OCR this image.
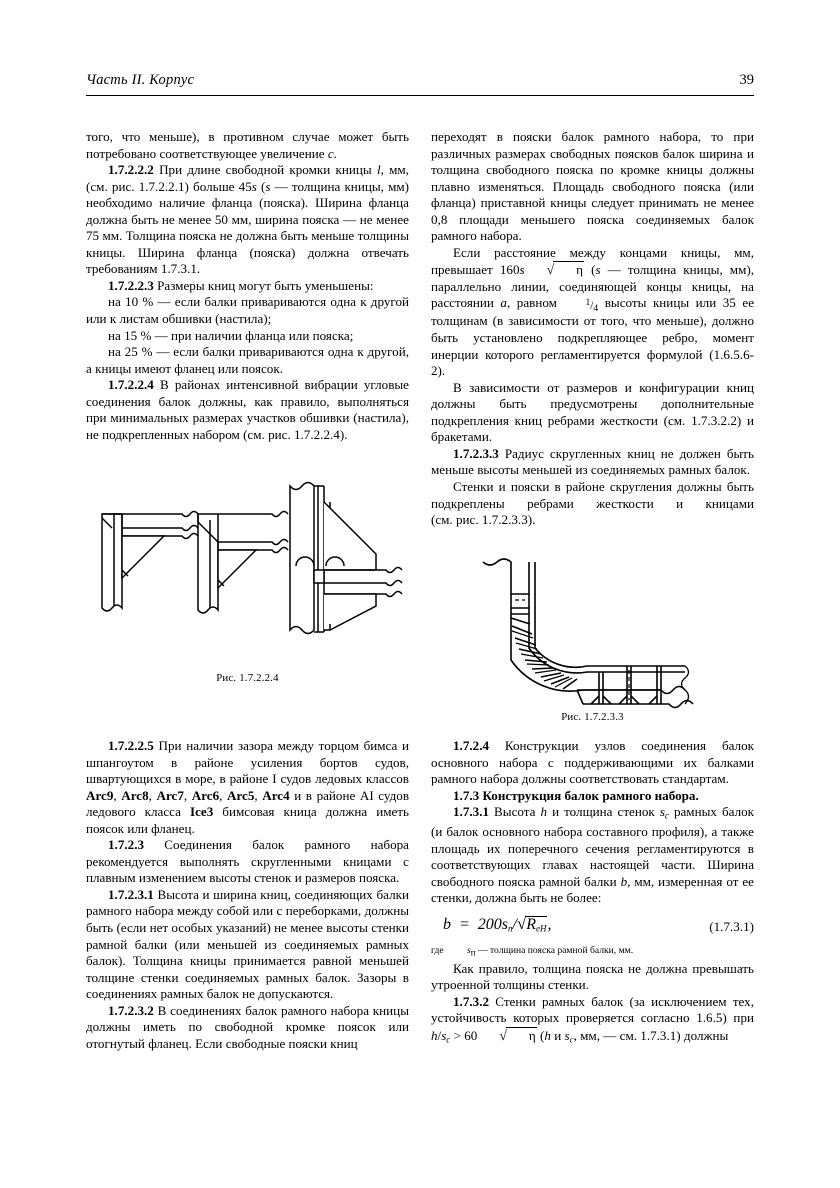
Часть II. Корпус	39

того, что меньше), в противном случае может быть потребовано соответствующее увеличение c.

1.7.2.2.2 При длине свободной кромки кницы l, мм, (см. рис. 1.7.2.2.1) больше 45s (s — толщина кницы, мм) необходимо наличие фланца (пояска). Ширина фланца должна быть не менее 50 мм, ширина пояска — не менее 75 мм. Толщина пояска не должна быть меньше толщины кницы. Ширина фланца (пояска) должна отвечать требованиям 1.7.3.1.

1.7.2.2.3 Размеры книц могут быть уменьшены:

на 10 % — если балки привариваются одна к другой или к листам обшивки (настила);

на 15 % — при наличии фланца или пояска;

на 25 % — если балки привариваются одна к другой, а кницы имеют фланец или поясок.

1.7.2.2.4 В районах интенсивной вибрации угловые соединения балок должны, как правило, выполняться при минимальных размерах участков обшивки (настила), не подкрепленных набором (см. рис. 1.7.2.2.4).

переходят в пояски балок рамного набора, то при различных размерах свободных поясков балок ширина и толщина свободного пояска по кромке кницы должны плавно изменяться. Площадь свободного пояска (или фланца) приставной кницы следует принимать не менее 0,8 площади меньшего пояска соединяемых балок рамного набора.

Если расстояние между концами кницы, мм, превышает 160s √ η (s — толщина кницы, мм), параллельно линии, соединяющей концы кницы, на расстоянии a, равном $^1$/4 высоты кницы или 35 ее толщинам (в зависимости от того, что меньше), должно быть установлено подкрепляющее ребро, момент инерции которого регламентируется формулой (1.6.5.6-2).

В зависимости от размеров и конфигурации книц должны быть предусмотрены дополнительные подкрепления книц ребрами жесткости (см. 1.7.3.2.2) и бракетами.

1.7.2.3.3 Радиус скругленных книц не должен быть меньше высоты меньшей из соединяемых рамных балок.

Стенки и пояски в районе скругления должны быть подкреплены ребрами жесткости и кницами (см. рис. 1.7.2.3.3).

Рис. 1.7.2.2.4
Рис. 1.7.2.3.3

1.7.2.2.5 При наличии зазора между торцом бимса и шпангоутом в районе усиления бортов судов, швартующихся в море, в районе I судов ледовых классов Arc9, Arc8, Arc7, Arc6, Arc5, Arc4 и в районе AI судов ледового класса Ice3 бимсовая кница должна иметь поясок или фланец.

1.7.2.3 Соединения балок рамного набора рекомендуется выполнять скругленными кницами с плавным изменением высоты стенок и размеров пояска.

1.7.2.3.1 Высота и ширина книц, соединяющих балки рамного набора между собой или с переборками, должны быть (если нет особых указаний) не менее высоты стенки рамной балки (или меньшей из соединяемых рамных балок). Толщина кницы принимается равной меньшей толщине стенки соединяемых рамных балок. Зазоры в соединениях рамных балок не допускаются.

1.7.2.3.2 В соединениях балок рамного набора кницы должны иметь по свободной кромке поясок или отогнутый фланец. Если свободные пояски книц

1.7.2.4 Конструкции узлов соединения балок основного набора с поддерживающими их балками рамного набора должны соответствовать стандартам.

1.7.3 Конструкция балок рамного набора.

1.7.3.1 Высота h и толщина стенок $s_c$ рамных балок (и балок основного набора составного профиля), а также площадь их поперечного сечения регламентируются в соответствующих главах настоящей части. Ширина свободного пояска рамной балки b, мм, измеренная от ее стенки, должна быть не более:

$b = 200s_п/√R_{eH}$,	(1.7.3.1)

где sп — толщина пояска рамной балки, мм.

Как правило, толщина пояска не должна превышать утроенной толщины стенки.

1.7.3.2 Стенки рамных балок (за исключением тех, устойчивость которых проверяется согласно 1.6.5) при $h/s_c > 60$ √ η (h и $s_c$, мм, — см. 1.7.3.1) должны
